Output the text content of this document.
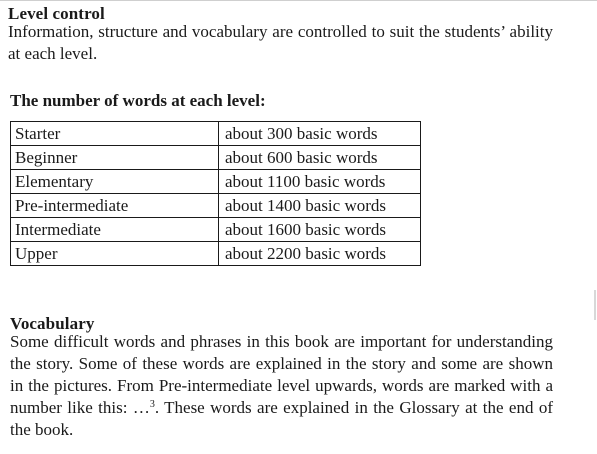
Level control

Information, structure and vocabulary are controlled to suit the students’ ability at each level.

The number of words at each level:
Starter	about 300 basic words
Beginner	about 600 basic words
Elementary	about 1100 basic words
Pre-intermediate	about 1400 basic words
Intermediate	about 1600 basic words
Upper	about 2200 basic words
Vocabulary

Some difficult words and phrases in this book are important for understanding the story. Some of these words are explained in the story and some are shown in the pictures. From Pre-intermediate level upwards, words are marked with a number like this: …$^3$. These words are explained in the Glossary at the end of the book.
